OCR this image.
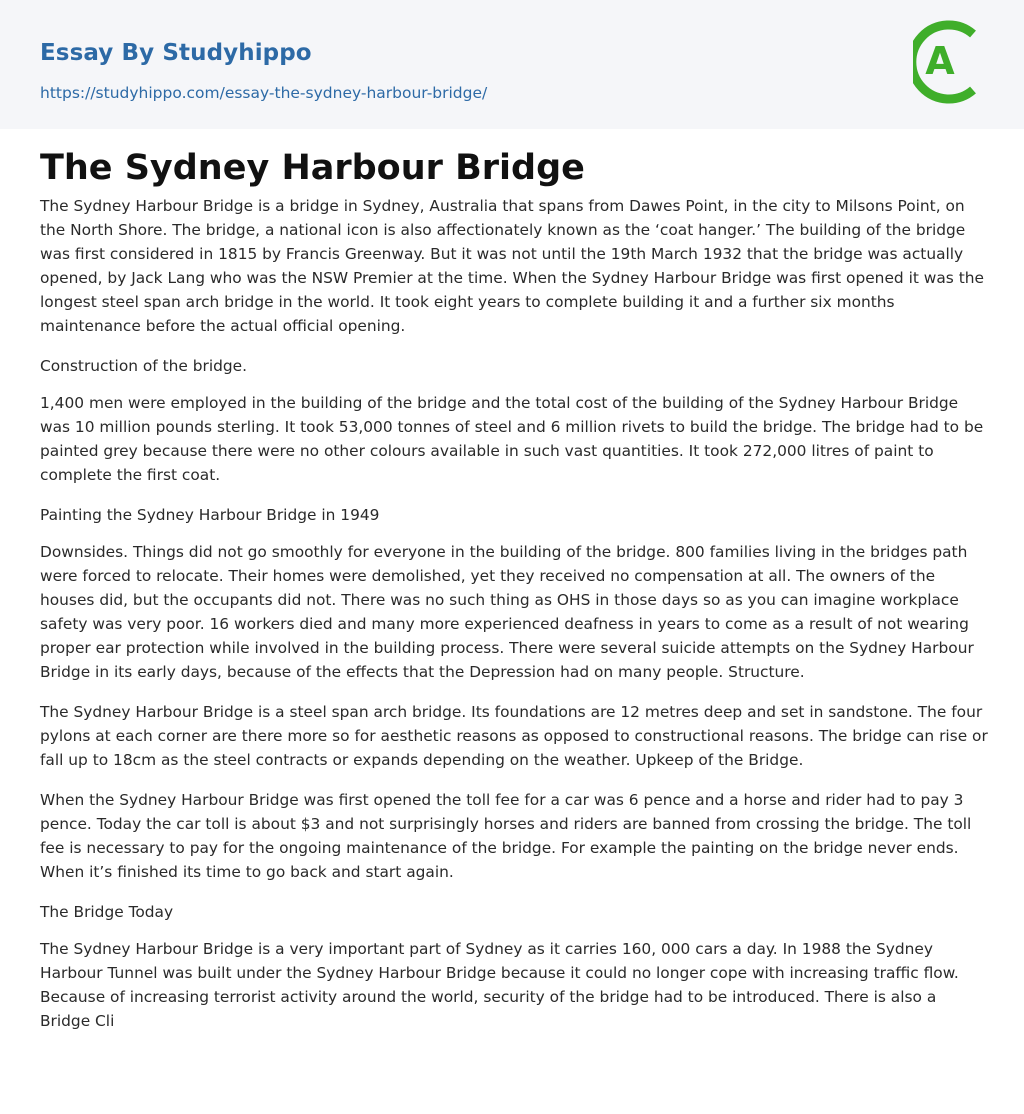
Essay By Studyhippo
https://studyhippo.com/essay-the-sydney-harbour-bridge/
A
The Sydney Harbour Bridge

The Sydney Harbour Bridge is a bridge in Sydney, Australia that spans from Dawes Point, in the city to Milsons Point, on the North Shore. The bridge, a national icon is also affectionately known as the ‘coat hanger.’ The building of the bridge was first considered in 1815 by Francis Greenway. But it was not until the 19th March 1932 that the bridge was actually opened, by Jack Lang who was the NSW Premier at the time. When the Sydney Harbour Bridge was first opened it was the longest steel span arch bridge in the world. It took eight years to complete building it and a further six months maintenance before the actual official opening.

Construction of the bridge.

1,400 men were employed in the building of the bridge and the total cost of the building of the Sydney Harbour Bridge was 10 million pounds sterling. It took 53,000 tonnes of steel and 6 million rivets to build the bridge. The bridge had to be painted grey because there were no other colours available in such vast quantities. It took 272,000 litres of paint to complete the first coat.

Painting the Sydney Harbour Bridge in 1949

Downsides. Things did not go smoothly for everyone in the building of the bridge. 800 families living in the bridges path were forced to relocate. Their homes were demolished, yet they received no compensation at all. The owners of the houses did, but the occupants did not. There was no such thing as OHS in those days so as you can imagine workplace safety was very poor. 16 workers died and many more experienced deafness in years to come as a result of not wearing proper ear protection while involved in the building process. There were several suicide attempts on the Sydney Harbour Bridge in its early days, because of the effects that the Depression had on many people. Structure.

The Sydney Harbour Bridge is a steel span arch bridge. Its foundations are 12 metres deep and set in sandstone. The four pylons at each corner are there more so for aesthetic reasons as opposed to constructional reasons. The bridge can rise or fall up to 18cm as the steel contracts or expands depending on the weather. Upkeep of the Bridge.

When the Sydney Harbour Bridge was first opened the toll fee for a car was 6 pence and a horse and rider had to pay 3 pence. Today the car toll is about $3 and not surprisingly horses and riders are banned from crossing the bridge. The toll fee is necessary to pay for the ongoing maintenance of the bridge. For example the painting on the bridge never ends. When it’s finished its time to go back and start again.

The Bridge Today

The Sydney Harbour Bridge is a very important part of Sydney as it carries 160, 000 cars a day. In 1988 the Sydney Harbour Tunnel was built under the Sydney Harbour Bridge because it could no longer cope with increasing traffic flow. Because of increasing terrorist activity around the world, security of the bridge had to be introduced. There is also a Bridge Cli
